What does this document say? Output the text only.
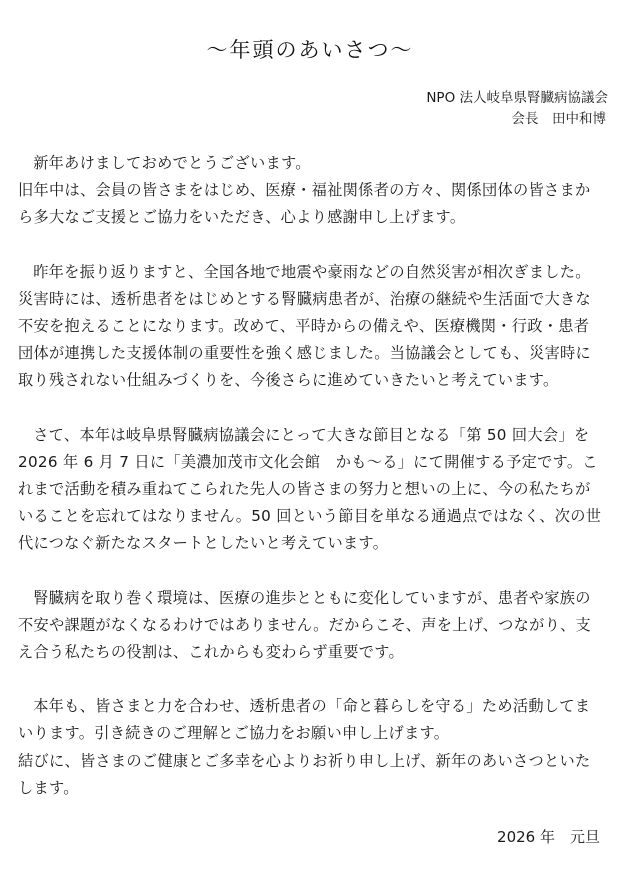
～年頭のあいさつ～
NPO 法人岐阜県腎臓病協議会
会長　田中和博

新年あけましておめでとうございます。

旧年中は、会員の皆さまをはじめ、医療・福祉関係者の方々、関係団体の皆さまから多大なご支援とご協力をいただき、心より感謝申し上げます。

昨年を振り返りますと、全国各地で地震や豪雨などの自然災害が相次ぎました。災害時には、透析患者をはじめとする腎臓病患者が、治療の継続や生活面で大きな不安を抱えることになります。改めて、平時からの備えや、医療機関・行政・患者団体が連携した支援体制の重要性を強く感じました。当協議会としても、災害時に取り残されない仕組みづくりを、今後さらに進めていきたいと考えています。

さて、本年は岐阜県腎臓病協議会にとって大きな節目となる「第 50 回大会」を 2026 年 6 月 7 日に「美濃加茂市文化会館　かも～る」にて開催する予定です。これまで活動を積み重ねてこられた先人の皆さまの努力と想いの上に、今の私たちがいることを忘れてはなりません。50 回という節目を単なる通過点ではなく、次の世代につなぐ新たなスタートとしたいと考えています。

腎臓病を取り巻く環境は、医療の進歩とともに変化していますが、患者や家族の不安や課題がなくなるわけではありません。だからこそ、声を上げ、つながり、支え合う私たちの役割は、これからも変わらず重要です。

本年も、皆さまと力を合わせ、透析患者の「命と暮らしを守る」ため活動してまいります。引き続きのご理解とご協力をお願い申し上げます。

結びに、皆さまのご健康とご多幸を心よりお祈り申し上げ、新年のあいさつといたします。

2026 年　元旦
